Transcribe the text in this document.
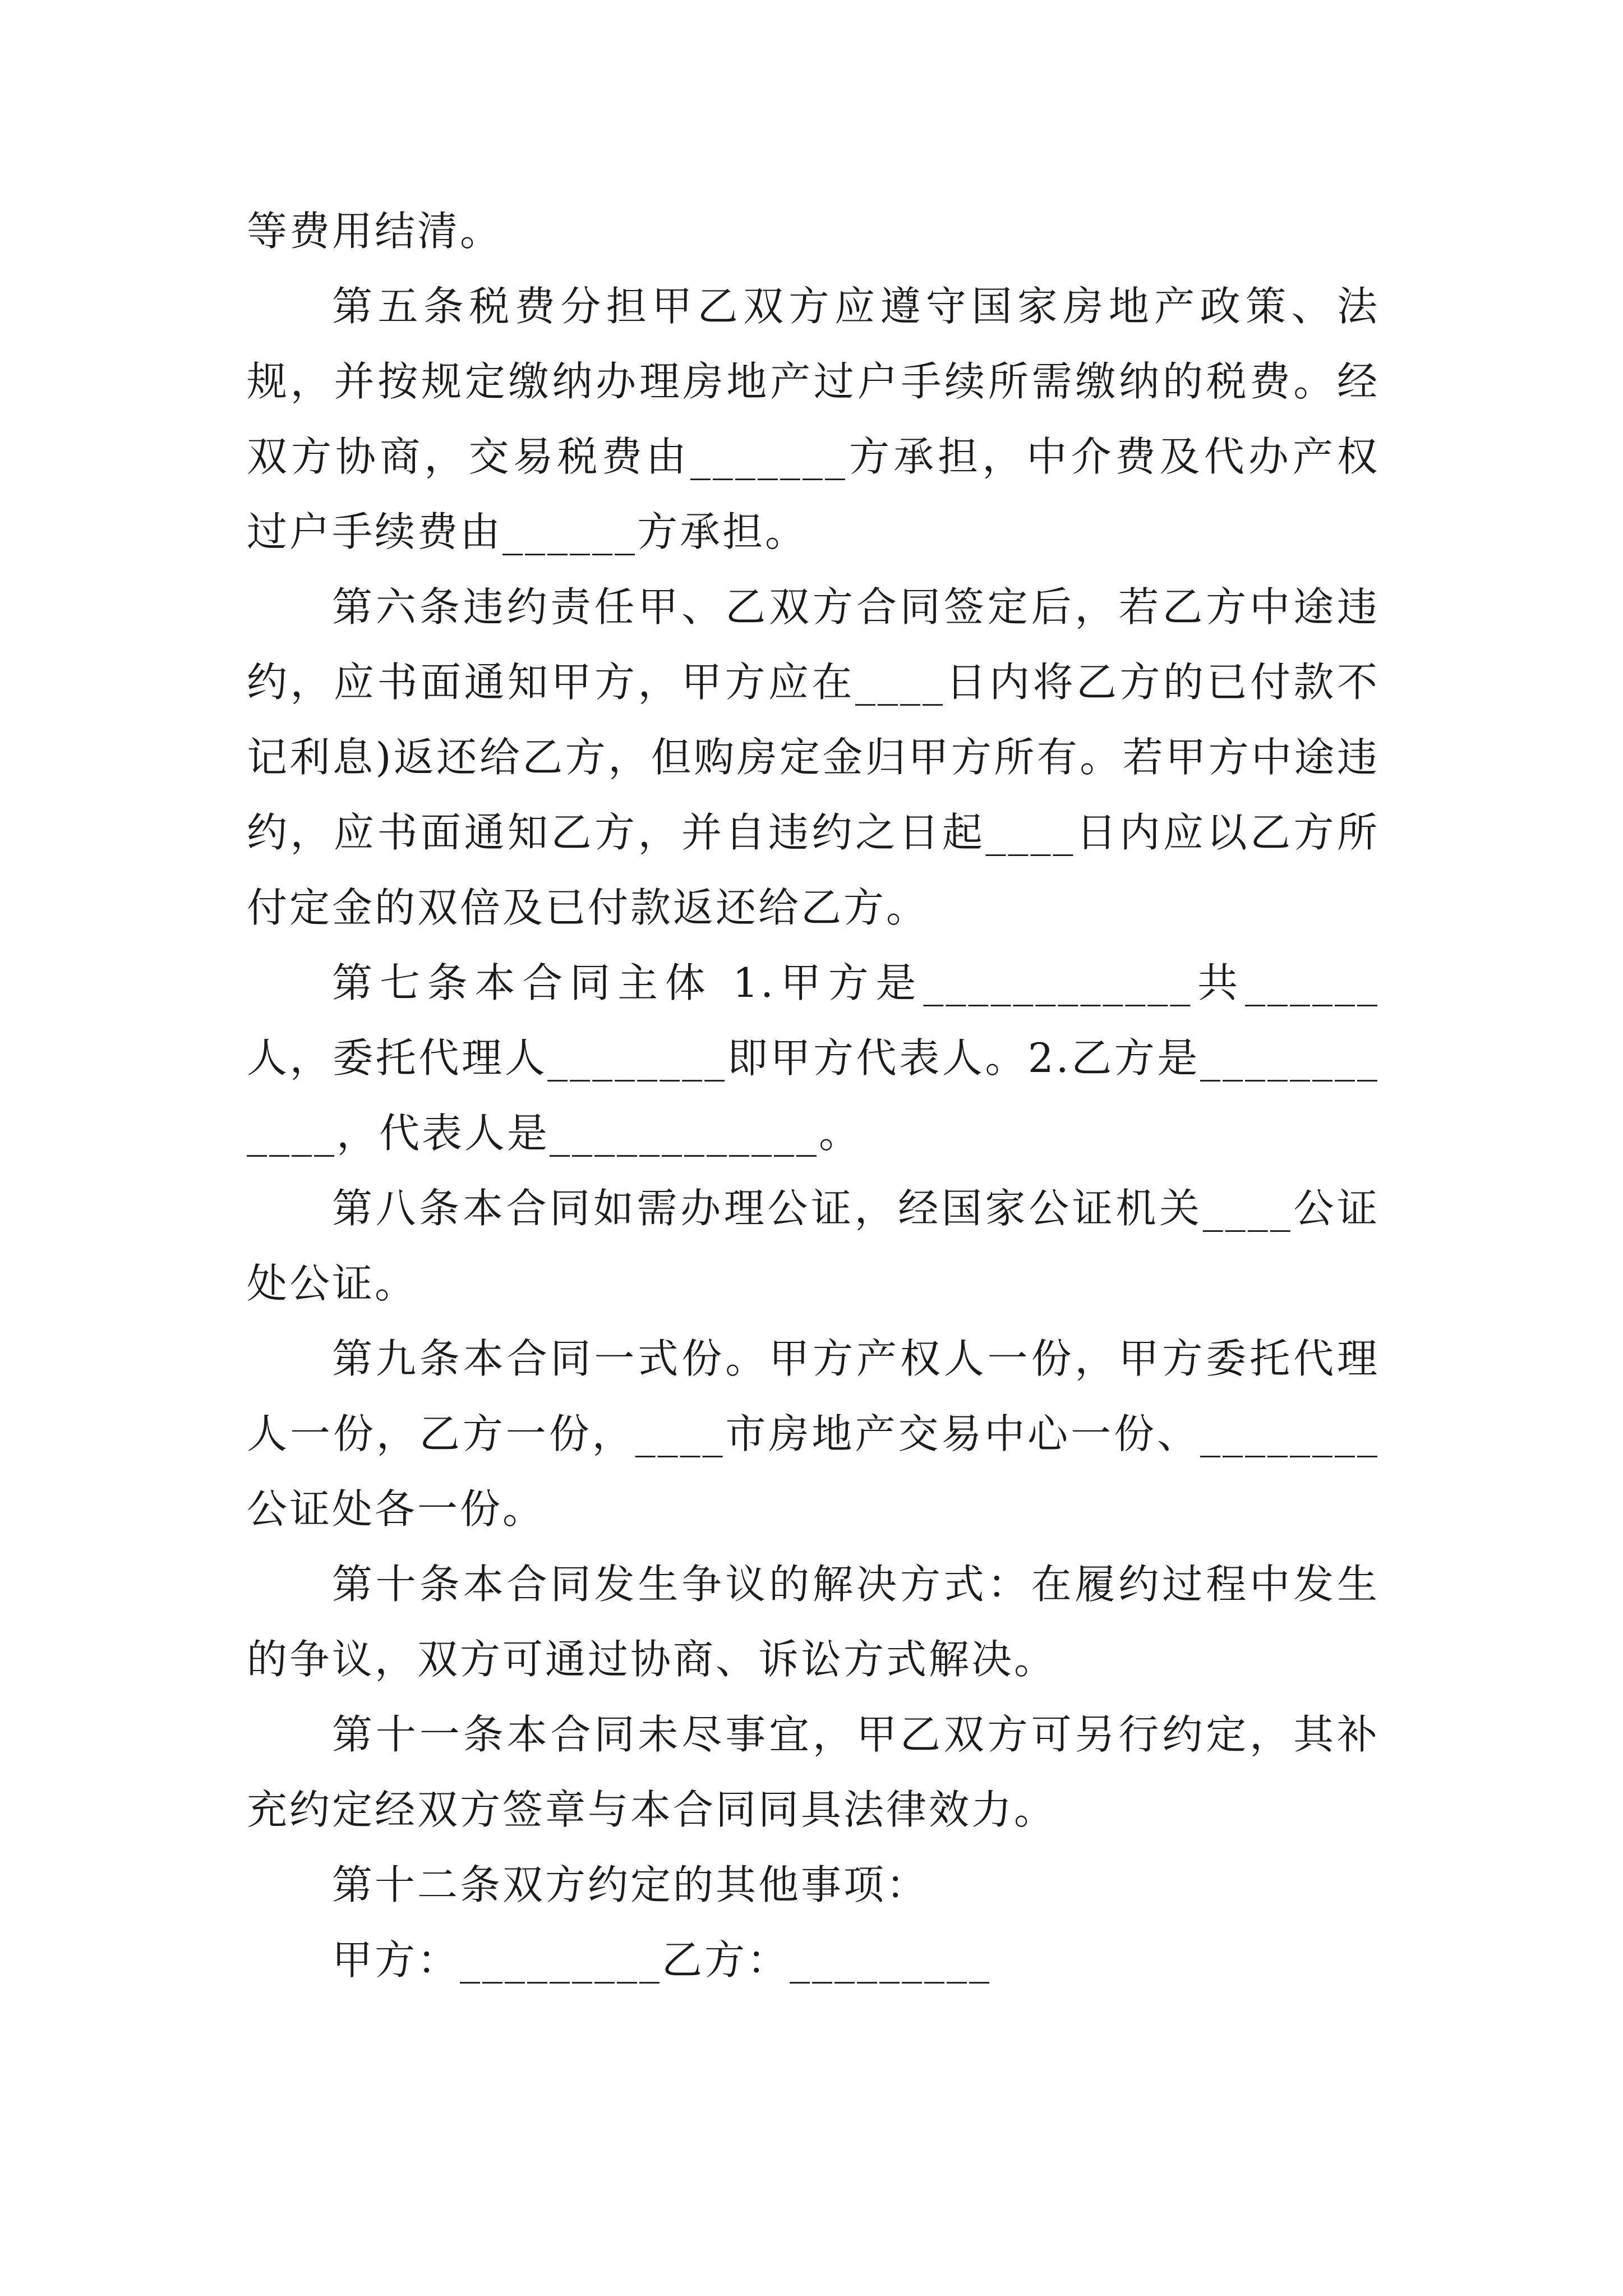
等费用结清。

第五条税费分担甲乙双方应遵守国家房地产政策、法规，并按规定缴纳办理房地产过户手续所需缴纳的税费。经双方协商，交易税费由_______方承担，中介费及代办产权过户手续费由______方承担。

第六条违约责任甲、乙双方合同签定后，若乙方中途违约，应书面通知甲方，甲方应在____日内将乙方的已付款不记利息)返还给乙方，但购房定金归甲方所有。若甲方中途违约，应书面通知乙方，并自违约之日起____日内应以乙方所付定金的双倍及已付款返还给乙方。

第七条本合同主体 1.甲方是____________共______人，委托代理人________即甲方代表人。2.乙方是____________，代表人是____________。

第八条本合同如需办理公证，经国家公证机关____公证处公证。

第九条本合同一式份。甲方产权人一份，甲方委托代理人一份，乙方一份，____市房地产交易中心一份、________公证处各一份。

第十条本合同发生争议的解决方式：在履约过程中发生的争议，双方可通过协商、诉讼方式解决。

第十一条本合同未尽事宜，甲乙双方可另行约定，其补充约定经双方签章与本合同同具法律效力。

第十二条双方约定的其他事项：

甲方：_________乙方：_________
